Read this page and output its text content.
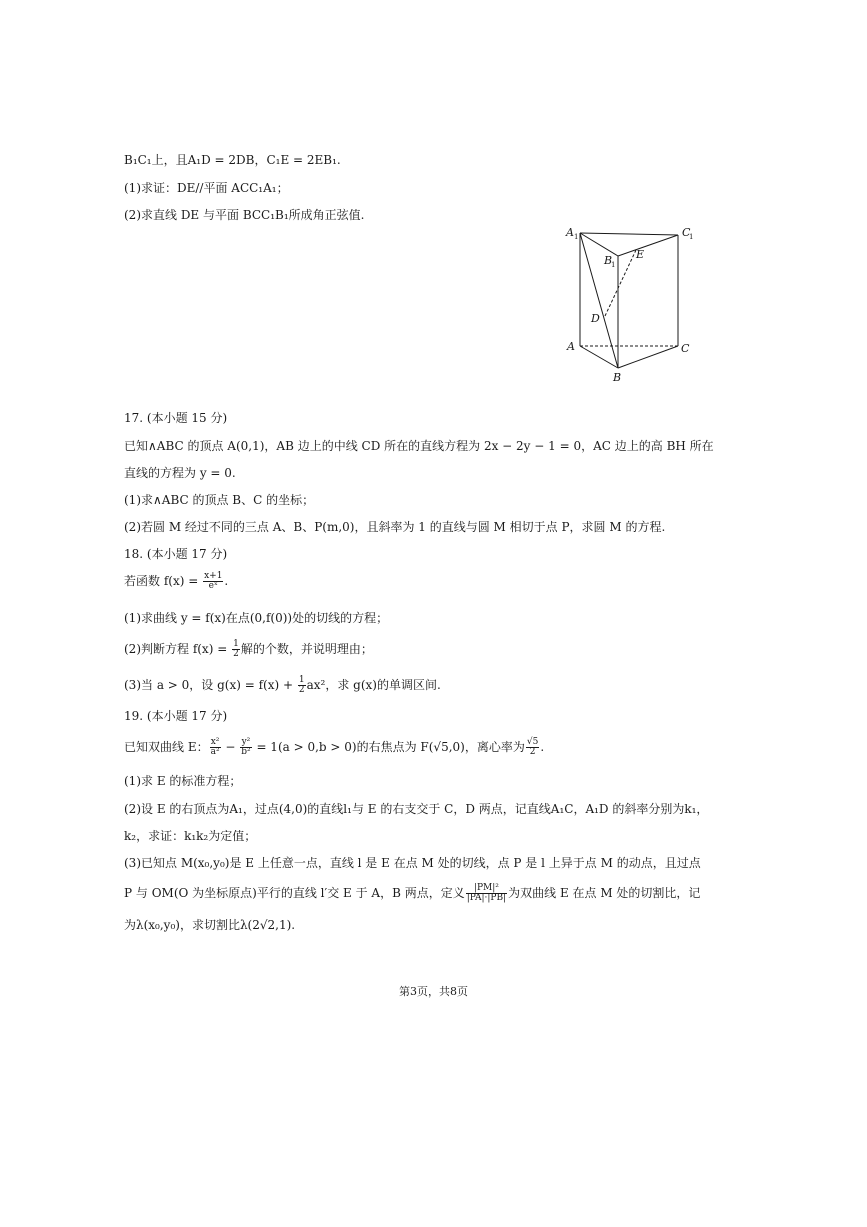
B₁C₁上，且A₁D = 2DB，C₁E = 2EB₁.
(1)求证：DE//平面 ACC₁A₁；
(2)求直线 DE 与平面 BCC₁B₁所成角正弦值.
A 1	C
1
B
1
E
D
A	C
B
17. (本小题 15 分)
已知∧ABC 的顶点 A(0,1)，AB 边上的中线 CD 所在的直线方程为 2x − 2y − 1 = 0，AC 边上的高 BH 所在
直线的方程为 y = 0.
(1)求∧ABC 的顶点 B、C 的坐标；
(2)若圆 M 经过不同的三点 A、B、P(m,0)，且斜率为 1 的直线与圆 M 相切于点 P，求圆 M 的方程.
18. (本小题 17 分)
若函数 $f(x) = \frac{x+1}{\text{eˣ}}$ .
(1)求曲线 y = f(x)在点(0,f(0))处的切线的方程；
(2)判断方程 $f(x) = \frac{1}{2}$ 解的个数，并说明理由；
(3)当 a > 0，设 $g(x) = f(x) + \frac{1}{2} ax^2$，求 g(x)的单调区间.
19. (本小题 17 分)
已知双曲线 E： $\frac{\text{x²}}{\text{a²}} - \frac{\text{y²}}{\text{b²}} = 1(a > 0,b > 0)$的右焦点为 F(√5,0)，离心率为 $\frac{√5}{2}$ .
(1)求 E 的标准方程；
(2)设 E 的右顶点为A₁，过点(4,0)的直线l₁与 E 的右支交于 C，D 两点，记直线A₁C，A₁D 的斜率分别为k₁，
k₂，求证：k₁k₂为定值；
(3)已知点 M(x₀,y₀)是 E 上任意一点，直线 l 是 E 在点 M 处的切线，点 P 是 l 上异于点 M 的动点，且过点
P 与 OM(O 为坐标原点)平行的直线 l′交 E 于 A，B 两点，定义 $\frac{\text{|PM|²}}{|PA|\cdot|PB|}$ 为双曲线 E 在点 M 处的切割比，记
为λ(x₀,y₀)，求切割比λ(2√2,1).
第3页，共8页
